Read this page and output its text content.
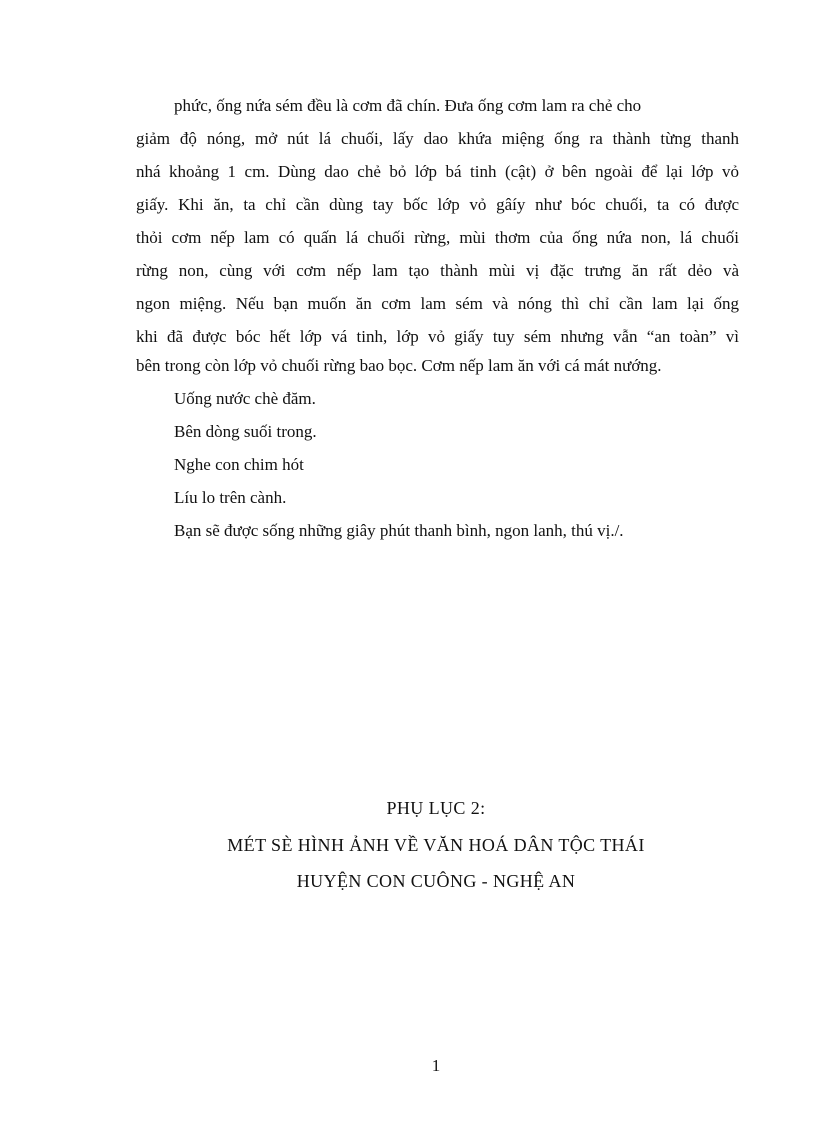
phức, ống nứa sém đều là cơm đã chín. Đưa ống cơm lam ra chẻ cho
giảm độ nóng, mở nút lá chuối, lấy dao khứa miệng ống ra thành từng thanh
nhá khoảng 1 cm. Dùng dao chẻ bỏ lớp bá tinh (cật) ở bên ngoài để lại lớp vỏ
giấy. Khi ăn, ta chỉ cần dùng tay bốc lớp vỏ gâíy như bóc chuối, ta có được
thỏi cơm nếp lam có quấn lá chuối rừng, mùi thơm của ống nứa non, lá chuối
rừng non, cùng với cơm nếp lam tạo thành mùi vị đặc trưng ăn rất dẻo và
ngon miệng. Nếu bạn muốn ăn cơm lam sém và nóng thì chỉ cần lam lại ống
khi đã được bóc hết lớp vá tinh, lớp vỏ giấy tuy sém nhưng vẫn “an toàn” vì
bên trong còn lớp vỏ chuối rừng bao bọc. Cơm nếp lam ăn với cá mát nướng.
Uống nước chè đăm.
Bên dòng suối trong.
Nghe con chim hót
Líu lo trên cành.
Bạn sẽ được sống những giây phút thanh bình, ngon lanh, thú vị./.
PHỤ LỤC 2:
MÉT SÈ HÌNH ẢNH VỀ VĂN HOÁ DÂN TỘC THÁI
HUYỆN CON CUÔNG - NGHỆ AN
1
